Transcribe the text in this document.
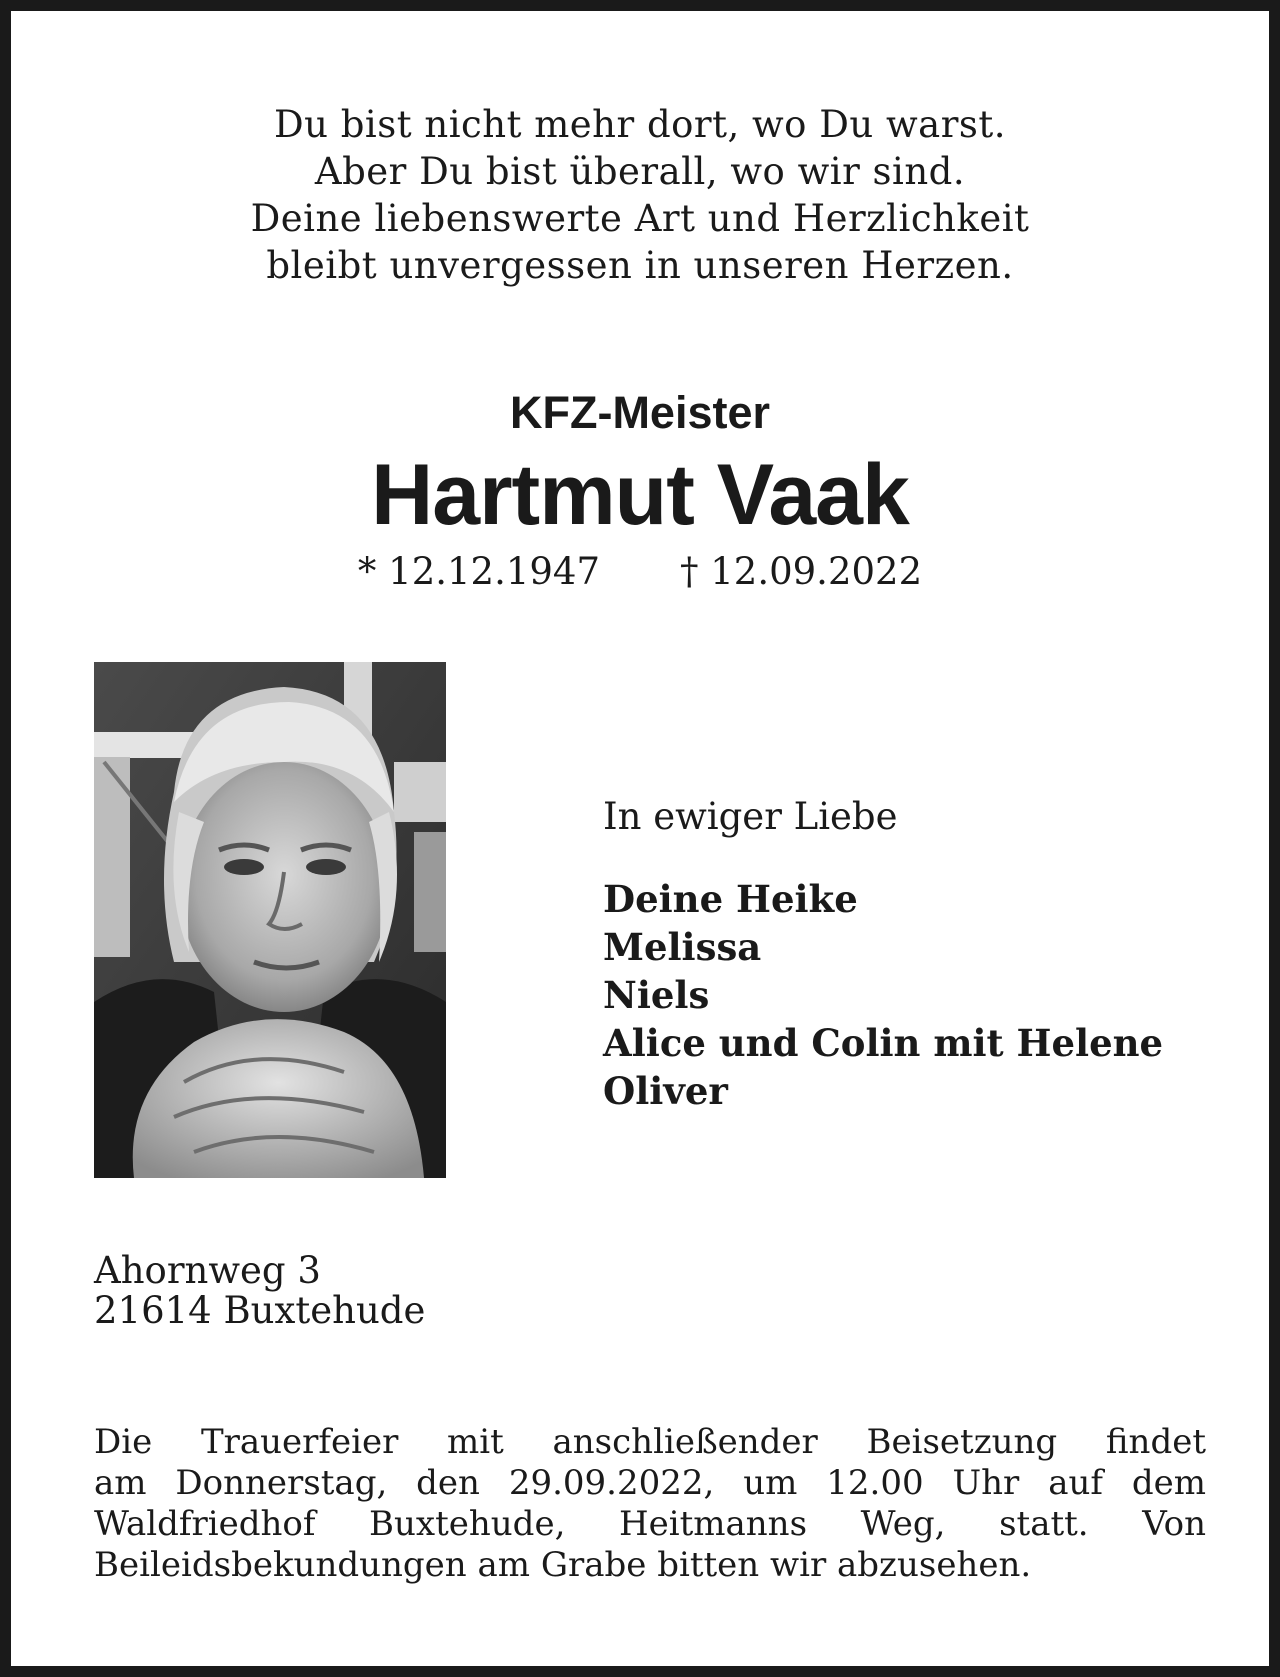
Du bist nicht mehr dort, wo Du warst.
Aber Du bist überall, wo wir sind.
Deine liebenswerte Art und Herzlichkeit
bleibt unvergessen in unseren Herzen.
KFZ-Meister
Hartmut Vaak
* 12.12.1947 † 12.09.2022
In ewiger Liebe
Deine Heike
Melissa
Niels
Alice und Colin mit Helene
Oliver
Ahornweg 3
21614 Buxtehude
Die Trauerfeier mit anschließender Beisetzung findet
am Donnerstag, den 29.09.2022, um 12.00 Uhr auf dem
Waldfriedhof Buxtehude, Heitmanns Weg, statt. Von
Beileidsbekundungen am Grabe bitten wir abzusehen.
